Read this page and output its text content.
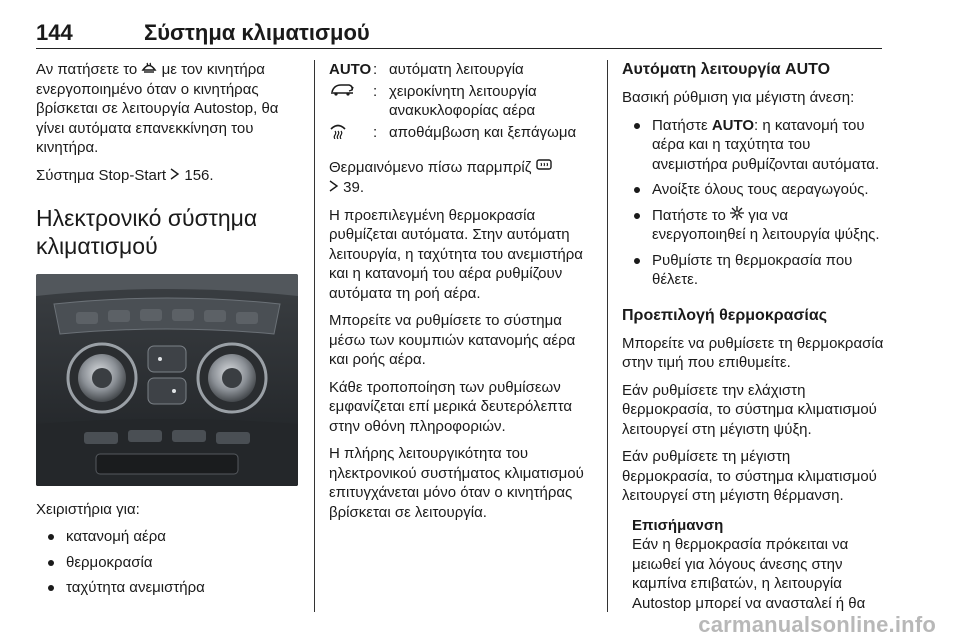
144	Σύστημα κλιματισμού

Αν πατήσετε το  με τον κινητήρα ενεργοποιημένο όταν ο κινητήρας βρίσκεται σε λειτουργία Autostop, θα γίνει αυτόματα επανεκκίνηση του κινητήρα.

Σύστημα Stop-Start  156.

Ηλεκτρονικό σύστημα κλιματισμού

Χειριστήρια για:

κατανομή αέρα
θερμοκρασία
ταχύτητα ανεμιστήρα
AUTO : αυτόματη λειτουργία
: χειροκίνητη λειτουργία ανακυκλοφορίας αέρα
: αποθάμβωση και ξεπάγωμα

Θερμαινόμενο πίσω παρμπρίζ
39.

Η προεπιλεγμένη θερμοκρασία ρυθμίζεται αυτόματα. Στην αυτόματη λειτουργία, η ταχύτητα του ανεμιστήρα και η κατανομή του αέρα ρυθμίζουν αυτόματα τη ροή αέρα.

Μπορείτε να ρυθμίσετε το σύστημα μέσω των κουμπιών κατανομής αέρα και ροής αέρα.

Κάθε τροποποίηση των ρυθμίσεων εμφανίζεται επί μερικά δευτερόλεπτα στην οθόνη πληροφοριών.

Η πλήρης λειτουργικότητα του ηλεκτρονικού συστήματος κλιματισμού επιτυγχάνεται μόνο όταν ο κινητήρας βρίσκεται σε λειτουργία.

Αυτόματη λειτουργία AUTO

Βασική ρύθμιση για μέγιστη άνεση:

Πατήστε AUTO: η κατανομή του αέρα και η ταχύτητα του ανεμιστήρα ρυθμίζονται αυτόματα.
Ανοίξτε όλους τους αεραγωγούς.
Πατήστε το  για να ενεργοποιηθεί η λειτουργία ψύξης.
Ρυθμίστε τη θερμοκρασία που θέλετε.
Προεπιλογή θερμοκρασίας

Μπορείτε να ρυθμίσετε τη θερμοκρασία στην τιμή που επιθυμείτε.

Εάν ρυθμίσετε την ελάχιστη θερμοκρασία, το σύστημα κλιματισμού λειτουργεί στη μέγιστη ψύξη.

Εάν ρυθμίσετε τη μέγιστη θερμοκρασία, το σύστημα κλιματισμού λειτουργεί στη μέγιστη θέρμανση.

Επισήμανση
Εάν η θερμοκρασία πρόκειται να μειωθεί για λόγους άνεσης στην καμπίνα επιβατών, η λειτουργία Autostop μπορεί να ανασταλεί ή θα
carmanualsonline.info
